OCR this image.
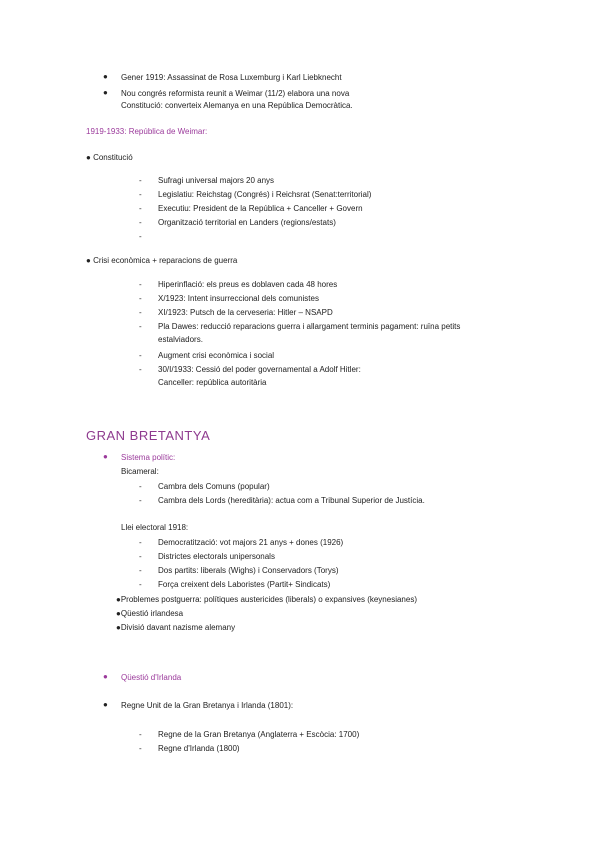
● Gener 1919: Assassinat de Rosa Luxemburg i Karl Liebknecht
● Nou congrés reformista reunit a Weimar (11/2) elabora una nova
Constitució: converteix Alemanya en una República Democràtica.
1919-1933: República de Weimar:
● Constitució
- Sufragi universal majors 20 anys
- Legislatiu: Reichstag (Congrés) i Reichsrat (Senat:territorial)
- Executiu: President de la República + Canceller + Govern
- Organització territorial en Landers (regions/estats)
-
● Crisi econòmica + reparacions de guerra
- Hiperinflació: els preus es doblaven cada 48 hores
- X/1923: Intent insurreccional dels comunistes
- XI/1923: Putsch de la cerveseria: Hitler – NSAPD
- Pla Dawes: reducció reparacions guerra i allargament terminis pagament: ruïna petits
estalviadors.
- Augment crisi econòmica i social
- 30/I/1933: Cessió del poder governamental a Adolf Hitler:
Canceller: república autoritària
GRAN BRETANTYA
● Sistema polític:
Bicameral:
- Cambra dels Comuns (popular)
- Cambra dels Lords (hereditària): actua com a Tribunal Superior de Justícia.
Llei electoral 1918:
- Democratització: vot majors 21 anys + dones (1926)
- Districtes electorals unipersonals
- Dos partits: liberals (Wighs) i Conservadors (Torys)
- Força creixent dels Laboristes (Partit+ Sindicats)
●Problemes postguerra: polítiques austericides (liberals) o expansives (keynesianes)
●Qüestió irlandesa
●Divisió davant nazisme alemany
● Qüestió d'Irlanda
● Regne Unit de la Gran Bretanya i Irlanda (1801):
- Regne de la Gran Bretanya (Anglaterra + Escòcia: 1700)
- Regne d'Irlanda (1800)
